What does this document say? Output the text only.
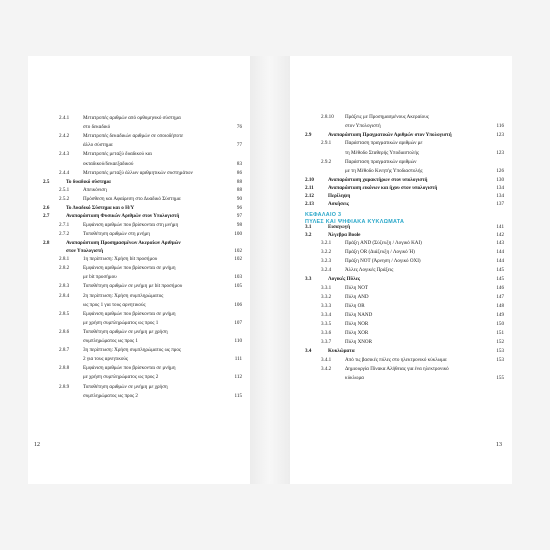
2.4.1	Μετατροπές αριθμών από ορθομηνικό σύστημα
στο δεκαδικό	76
2.4.2	Μετατροπές δεκαδικών αριθμών σε οποιοδήποτε
άλλο σύστημα	77
2.4.3	Μετατροπές μεταξύ δυαδικού και
οκταδικού/δεκαεξαδικού	83
2.4.4	Μετατροπές μεταξύ άλλων αριθμητικών συστημάτων	86
2.5	Το δυαδικό σύστημα	88
2.5.1	Απεικόνιση	88
2.5.2	Πρόσθεση και Αφαίρεση στο Δυαδικό Σύστημα	90
2.6	Το Δυαδικό Σύστημα και ο Η/Υ	96
2.7	Αναπαράσταση Φυσικών Αριθμών στον Υπολογιστή	97
2.7.1	Εμφάνιση αριθμών που βρίσκονται στη μνήμη	98
2.7.2	Τοποθέτηση αριθμών στη μνήμη	100
2.8	Αναπαράσταση Προσημασμένων Ακεραίων Αριθμών
στον Υπολογιστή	102
2.8.1	1η περίπτωση: Χρήση bit προσήμου	102
2.8.2	Εμφάνιση αριθμών που βρίσκονται σε μνήμη
με bit προσήμου	103
2.8.3	Τοποθέτηση αριθμών σε μνήμη με bit προσήμου	105
2.8.4	2η περίπτωση: Χρήση συμπληρώματος
ως προς 1 για τους αρνητικούς	106
2.8.5	Εμφάνιση αριθμών που βρίσκονται σε μνήμη
με χρήση συμπληρώματος ως προς 1	107
2.8.6	Τοποθέτηση αριθμών σε μνήμη με χρήση
συμπληρώματος ως προς 1	110
2.8.7	3η περίπτωση: Χρήση συμπληρώματος ως προς
2 για τους αρνητικούς	111
2.8.8	Εμφάνιση αριθμών που βρίσκονται σε μνήμη
με χρήση συμπληρώματος ως προς 2	112
2.8.9	Τοποθέτηση αριθμών σε μνήμη με χρήση
συμπληρώματος ως προς 2	115
12
2.8.10 Πράξεις με Προσημασμένους Ακεραίους
στον Υπολογιστή	116
2.9	Αναπαράσταση Πραγματικών Αριθμών στον Υπολογιστή	123
2.9.1	Παράσταση πραγματικών αριθμών με
τη Μέθοδο Σταθερής Υποδιαστολής	123
2.9.2	Παράσταση πραγματικών αριθμών
με τη Μέθοδο Κινητής Υποδιαστολής	126
2.10	Αναπαράσταση χαρακτήρων στον υπολογιστή	130
2.11	Αναπαράσταση εικόνων και ήχου στον υπολογιστή	134
2.12	Περίληψη	134
2.13	Ασκήσεις	137
ΚΕΦΑΛΑΙΟ 3
ΠΥΛΕΣ ΚΑΙ ΨΗΦΙΑΚΑ ΚΥΚΛΩΜΑΤΑ
3.1	Εισαγωγή	141
3.2	Άλγεβρα Boole	142
3.2.1	Πράξη AND (Σύζευξη / Λογικό ΚΑΙ)	143
3.2.2	Πράξη OR (Διάζευξη / Λογικό Ή)	144
3.2.3	Πράξη NOT (Άρνηση / Λογικό ΟΧΙ)	144
3.2.4	Άλλες Λογικές Πράξεις	145
3.3	Λογικές Πύλες	145
3.3.1	Πύλη NOT	146
3.3.2	Πύλη AND	147
3.3.3	Πύλη OR	148
3.3.4	Πύλη NAND	149
3.3.5	Πύλη NOR	150
3.3.6	Πύλη XOR	151
3.3.7	Πύλη XNOR	152
3.4	Κυκλώματα	153
3.4.1	Από τις βασικές πύλες στο ηλεκτρονικό κύκλωμα	153
3.4.2	Δημιουργία Πίνακα Αλήθειας για ένα ηλεκτρονικό
κύκλωμα	155
13
